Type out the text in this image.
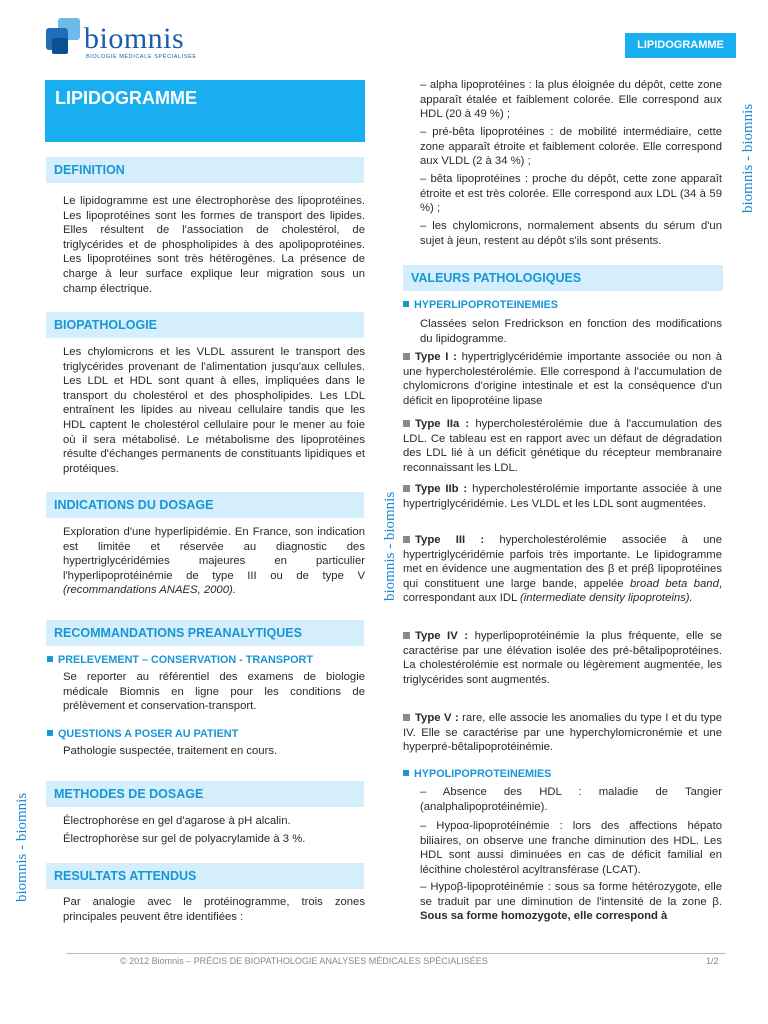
biomnis
BIOLOGIE MÉDICALE SPÉCIALISÉE
LIPIDOGRAMME
LIPIDOGRAMME
biomnis - biomnis
biomnis - biomnis
biomnis - biomnis
DEFINITION

Le lipidogramme est une électrophorèse des lipoprotéines. Les lipoprotéines sont les formes de transport des lipides. Elles résultent de l'association de cholestérol, de triglycérides et de phospholipides à des apolipoprotéines. Les lipoprotéines sont très hétérogènes. La présence de charge à leur surface explique leur migration sous un champ électrique.

BIOPATHOLOGIE

Les chylomicrons et les VLDL assurent le transport des triglycérides provenant de l'alimentation jusqu'aux cellules. Les LDL et HDL sont quant à elles, impliquées dans le transport du cholestérol et des phospholipides. Les LDL entraînent les lipides au niveau cellulaire tandis que les HDL captent le cholestérol cellulaire pour le mener au foie où il sera métabolisé. Le métabolisme des lipoprotéines résulte d'échanges permanents de constituants lipidiques et protéiques.

INDICATIONS DU DOSAGE

Exploration d'une hyperlipidémie. En France, son indication est limitée et réservée au diagnostic des hypertriglycéridémies majeures en particulier l'hyperlipoprotéinémie de type III ou de type V (recommandations ANAES, 2000).

RECOMMANDATIONS PREANALYTIQUES
PRELEVEMENT – CONSERVATION - TRANSPORT

Se reporter au référentiel des examens de biologie médicale Biomnis en ligne pour les conditions de prélèvement et conservation-transport.

QUESTIONS A POSER AU PATIENT

Pathologie suspectée, traitement en cours.

METHODES DE DOSAGE

Électrophorèse en gel d'agarose à pH alcalin.

Électrophorèse sur gel de polyacrylamide à 3 %.

RESULTATS ATTENDUS

Par analogie avec le protéinogramme, trois zones principales peuvent être identifiées :

– alpha lipoprotéines : la plus éloignée du dépôt, cette zone apparaît étalée et faiblement colorée. Elle correspond aux HDL (20 à 49 %) ;

– pré-bêta lipoprotéines : de mobilité intermédiaire, cette zone apparaît étroite et faiblement colorée. Elle correspond aux VLDL (2 à 34 %) ;

– bêta lipoprotéines : proche du dépôt, cette zone apparaît étroite et est très colorée. Elle correspond aux LDL (34 à 59 %) ;

– les chylomicrons, normalement absents du sérum d'un sujet à jeun, restent au dépôt s'ils sont présents.

VALEURS PATHOLOGIQUES
HYPERLIPOPROTEINEMIES

Classées selon Fredrickson en fonction des modifications du lipidogramme.

Type I : hypertriglycéridémie importante associée ou non à une hypercholestérolémie. Elle correspond à l'accumulation de chylomicrons d'origine intestinale et est la conséquence d'un déficit en lipoprotéine lipase

Type IIa : hypercholestérolémie due à l'accumulation des LDL. Ce tableau est en rapport avec un défaut de dégradation des LDL lié à un déficit génétique du récepteur membranaire reconnaissant les LDL.

Type IIb : hypercholestérolémie importante associée à une hypertriglycéridémie. Les VLDL et les LDL sont augmentées.

Type III : hypercholestérolémie associée à une hypertriglycéridémie parfois très importante. Le lipidogramme met en évidence une augmentation des β et préβ lipoprotéines qui constituent une large bande, appelée broad beta band, correspondant aux IDL (intermediate density lipoproteins).

Type IV : hyperlipoprotéinémie la plus fréquente, elle se caractérise par une élévation isolée des pré-bêtalipoprotéines. La cholestérolémie est normale ou légèrement augmentée, les triglycérides sont augmentés.

Type V : rare, elle associe les anomalies du type I et du type IV. Elle se caractérise par une hyperchylomicronémie et une hyperpré-bêtalipoprotéinémie.

HYPOLIPOPROTEINEMIES

– Absence des HDL : maladie de Tangier (analphalipoprotéinémie).

– Hypoα-lipoprotéinémie : lors des affections hépato biliaires, on observe une franche diminution des HDL. Les HDL sont aussi diminuées en cas de déficit familial en lécithine cholestérol acyltransférase (LCAT).

– Hypoβ-lipoprotéinémie : sous sa forme hétérozygote, elle se traduit par une diminution de l'intensité de la zone β. Sous sa forme homozygote, elle correspond à

© 2012 Biomnis – PRÉCIS DE BIOPATHOLOGIE ANALYSES MÉDICALES SPÉCIALISÉES	1/2
